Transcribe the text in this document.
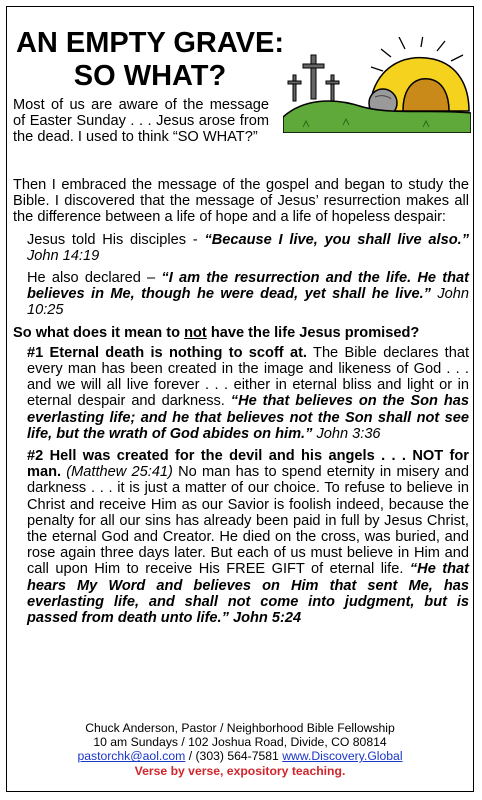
AN EMPTY GRAVE:
SO WHAT?
Most of us are aware of the message of Easter Sunday . . . Jesus arose from the dead. I used to think “SO WHAT?”

Then I embraced the message of the gospel and began to study the Bible. I discovered that the message of Jesus’ resurrection makes all the difference between a life of hope and a life of hopeless despair:

Jesus told His disciples - “Because I live, you shall live also.” John 14:19

He also declared – “I am the resurrection and the life. He that believes in Me, though he were dead, yet shall he live.” John 10:25

So what does it mean to not have the life Jesus promised?

#1 Eternal death is nothing to scoff at. The Bible declares that every man has been created in the image and likeness of God . . . and we will all live forever . . . either in eternal bliss and light or in eternal despair and darkness. “He that believes on the Son has everlasting life; and he that believes not the Son shall not see life, but the wrath of God abides on him.” John 3:36

#2 Hell was created for the devil and his angels . . . NOT for man. (Matthew 25:41) No man has to spend eternity in misery and darkness . . . it is just a matter of our choice. To refuse to believe in Christ and receive Him as our Savior is foolish indeed, because the penalty for all our sins has already been paid in full by Jesus Christ, the eternal God and Creator. He died on the cross, was buried, and rose again three days later. But each of us must believe in Him and call upon Him to receive His FREE GIFT of eternal life. “He that hears My Word and believes on Him that sent Me, has everlasting life, and shall not come into judgment, but is passed from death unto life.” John 5:24

Chuck Anderson, Pastor / Neighborhood Bible Fellowship
10 am Sundays / 102 Joshua Road, Divide, CO 80814
pastorchk@aol.com / (303) 564-7581 www.Discovery.Global
Verse by verse, expository teaching.
